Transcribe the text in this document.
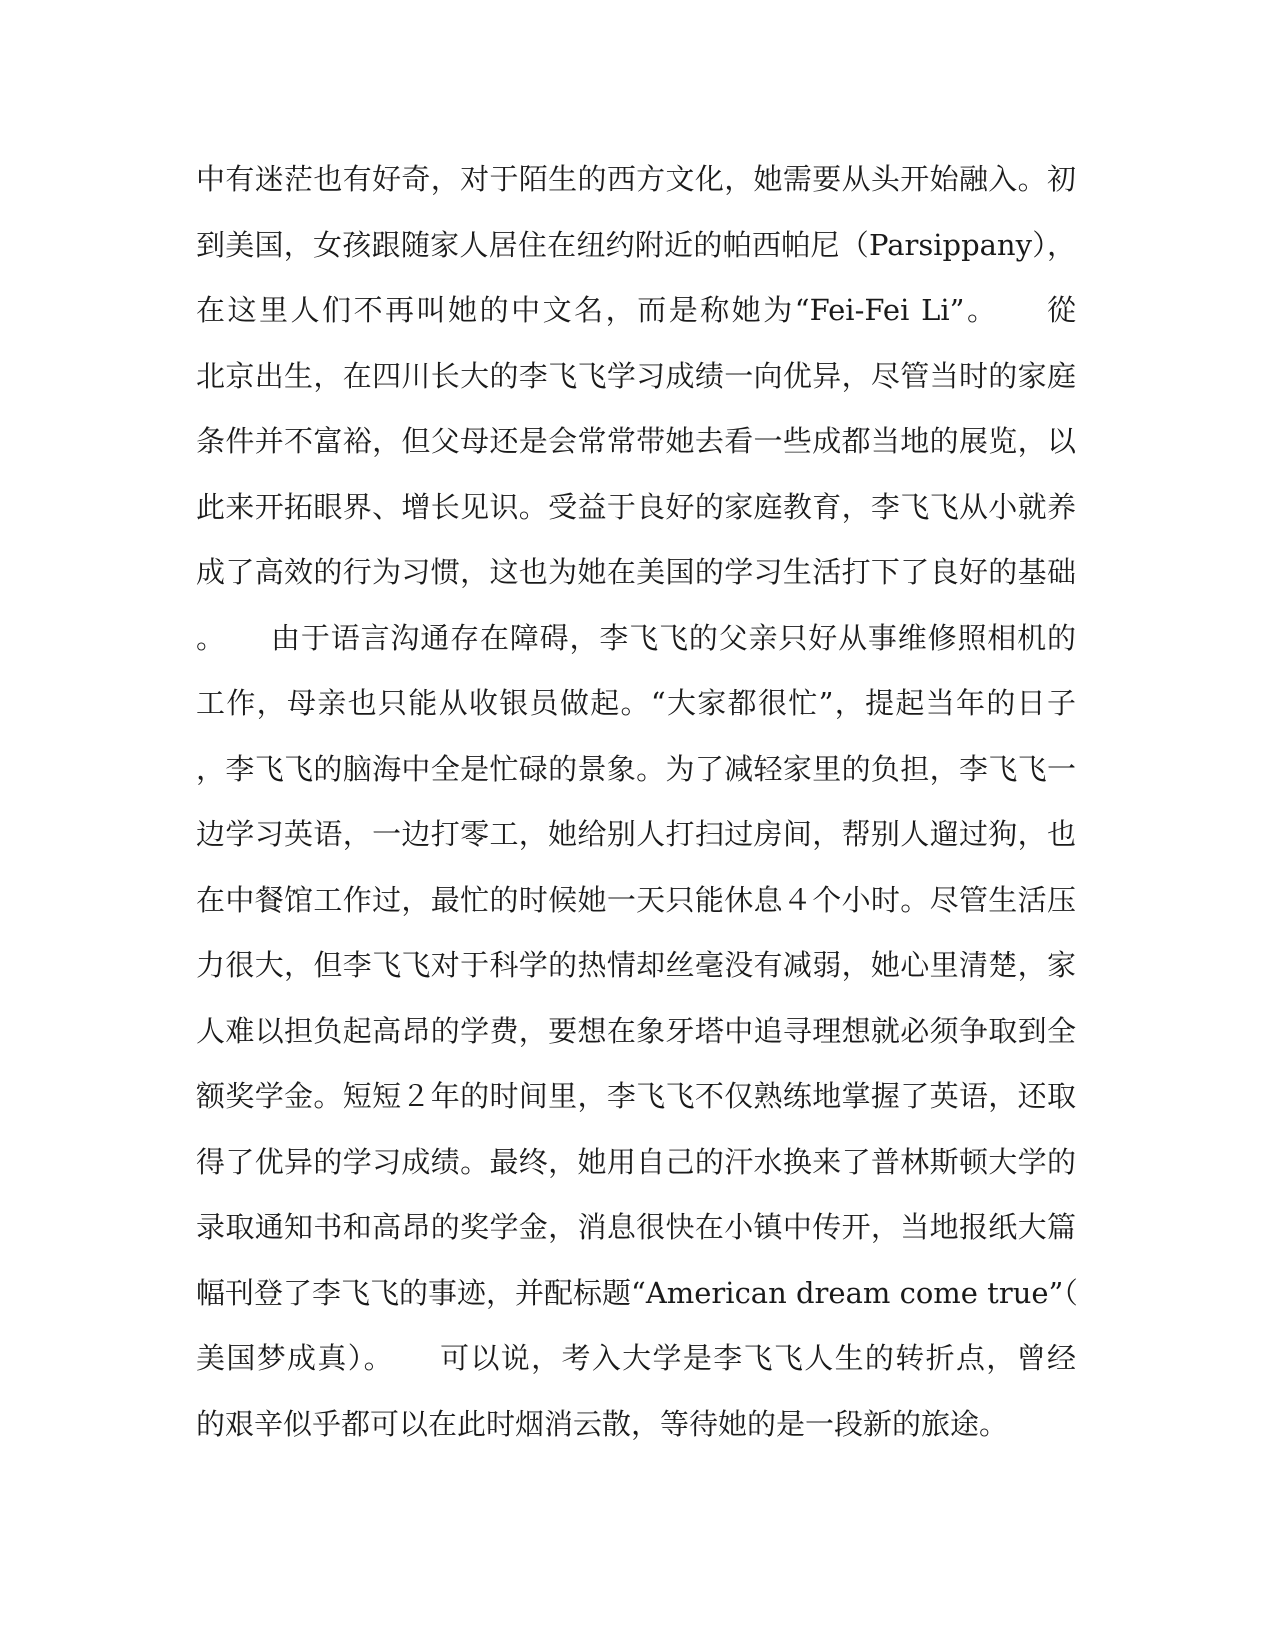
中有迷茫也有好奇，对于陌生的西方文化，她需要从头开始融入。初
到美国，女孩跟随家人居住在纽约附近的帕西帕尼（Parsippany），
在这里人们不再叫她的中文名，而是称她为“Fei-Fei Li”。　　從
北京出生，在四川长大的李飞飞学习成绩一向优异，尽管当时的家庭
条件并不富裕，但父母还是会常常带她去看一些成都当地的展览，以
此来开拓眼界、增长见识。受益于良好的家庭教育，李飞飞从小就养
成了高效的行为习惯，这也为她在美国的学习生活打下了良好的基础
。　　由于语言沟通存在障碍，李飞飞的父亲只好从事维修照相机的
工作，母亲也只能从收银员做起。“大家都很忙”，提起当年的日子
，李飞飞的脑海中全是忙碌的景象。为了减轻家里的负担，李飞飞一
边学习英语，一边打零工，她给别人打扫过房间，帮别人遛过狗，也
在中餐馆工作过，最忙的时候她一天只能休息４个小时。尽管生活压
力很大，但李飞飞对于科学的热情却丝毫没有减弱，她心里清楚，家
人难以担负起高昂的学费，要想在象牙塔中追寻理想就必须争取到全
额奖学金。短短２年的时间里，李飞飞不仅熟练地掌握了英语，还取
得了优异的学习成绩。最终，她用自己的汗水换来了普林斯顿大学的
录取通知书和高昂的奖学金，消息很快在小镇中传开，当地报纸大篇
幅刊登了李飞飞的事迹，并配标题“American dream come true”（
美国梦成真）。　　可以说，考入大学是李飞飞人生的转折点，曾经
的艰辛似乎都可以在此时烟消云散，等待她的是一段新的旅途。
